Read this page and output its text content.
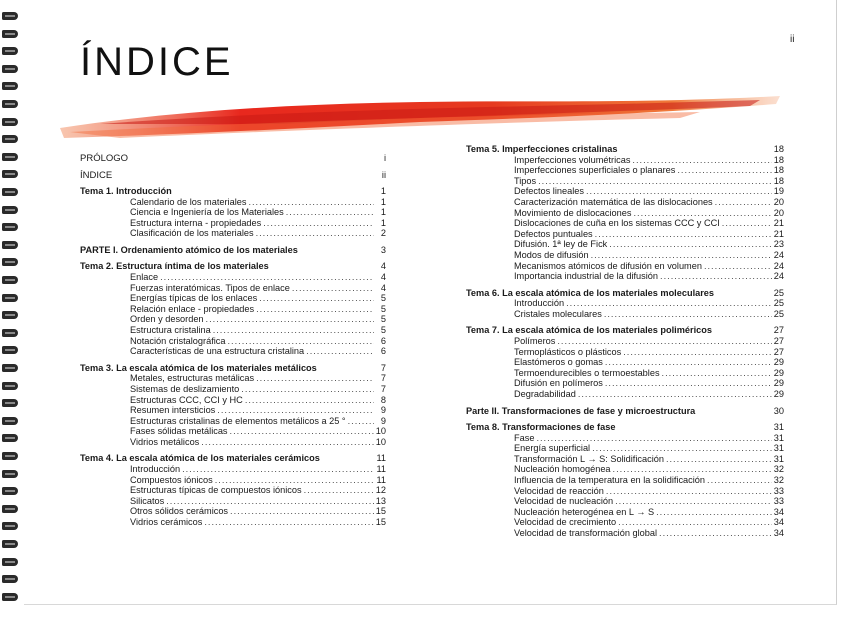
ii
ÍNDICE
PRÓLOGO	i
ÍNDICE	ii
Tema 1. Introducción	1
Calendario de los materiales .....	1
Ciencia e Ingeniería de los Materiales .....	1
Estructura interna - propiedades .....	1
Clasificación de los materiales .....	2
PARTE I. Ordenamiento atómico de los materiales	3
Tema 2. Estructura íntima de los materiales	4
Enlace .....	4
Fuerzas interatómicas. Tipos de enlace .....	4
Energías típicas de los enlaces .....	5
Relación enlace - propiedades .....	5
Orden y desorden .....	5
Estructura cristalina .....	5
Notación cristalográfica .....	6
Características de una estructura cristalina .....	6
Tema 3. La escala atómica de los materiales metálicos	7
Metales, estructuras metálicas .....	7
Sistemas de deslizamiento .....	7
Estructuras CCC, CCI y HC .....	8
Resumen intersticios .....	9
Estructuras cristalinas de elementos metálicos a 25 ° .....	9
Fases sólidas metálicas .....	10
Vidrios metálicos .....	10
Tema 4. La escala atómica de los materiales cerámicos	11
Introducción .....	11
Compuestos iónicos .....	11
Estructuras típicas de compuestos iónicos .....	12
Silicatos .....	13
Otros sólidos cerámicos .....	15
Vidrios cerámicos .....	15
Tema 5. Imperfecciones cristalinas	18
Imperfecciones volumétricas .....	18
Imperfecciones superficiales o planares .....	18
Tipos .....	18
Defectos lineales .....	19
Caracterización matemática de las dislocaciones .....	20
Movimiento de dislocaciones .....	20
Dislocaciones de cuña en los sistemas CCC y CCI .....	21
Defectos puntuales .....	21
Difusión. 1ª ley de Fick .....	23
Modos de difusión .....	24
Mecanismos atómicos de difusión en volumen .....	24
Importancia industrial de la difusión .....	24
Tema 6. La escala atómica de los materiales moleculares	25
Introducción .....	25
Cristales moleculares .....	25
Tema 7. La escala atómica de los materiales poliméricos	27
Polímeros .....	27
Termoplásticos o plásticos .....	27
Elastómeros o gomas .....	29
Termoendurecibles o termoestables .....	29
Difusión en polímeros .....	29
Degradabilidad .....	29
Parte II. Transformaciones de fase y microestructura	30
Tema 8. Transformaciones de fase	31
Fase .....	31
Energía superficial .....	31
Transformación L → S: Solidificación .....	31
Nucleación homogénea .....	32
Influencia de la temperatura en la solidificación .....	32
Velocidad de reacción .....	33
Velocidad de nucleación .....	33
Nucleación heterogénea en L → S .....	34
Velocidad de crecimiento .....	34
Velocidad de transformación global .....	34
